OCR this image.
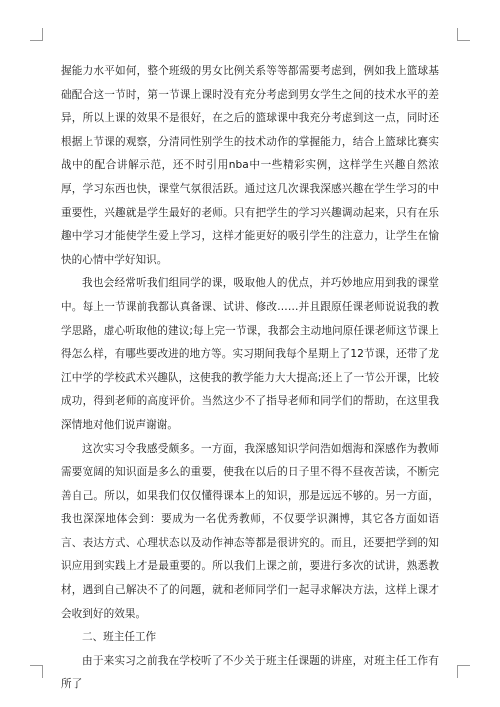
握能力水平如何，整个班级的男女比例关系等等都需要考虑到，例如我上篮球基础配合这一节时，第一节课上课时没有充分考虑到男女学生之间的技术水平的差异，所以上课的效果不是很好，在之后的篮球课中我充分考虑到这一点，同时还根据上节课的观察，分清同性别学生的技术动作的掌握能力，结合上篮球比赛实战中的配合讲解示范，还不时引用nba中一些精彩实例，这样学生兴趣自然浓厚，学习东西也快，课堂气氛很活跃。通过这几次课我深感兴趣在学生学习的中重要性，兴趣就是学生最好的老师。只有把学生的学习兴趣调动起来，只有在乐趣中学习才能使学生爱上学习，这样才能更好的吸引学生的注意力，让学生在愉快的心情中学好知识。

我也会经常听我们组同学的课，吸取他人的优点，并巧妙地应用到我的课堂中。每上一节课前我都认真备课、试讲、修改……并且跟原任课老师说说我的教学思路，虚心听取他的建议;每上完一节课，我都会主动地问原任课老师这节课上得怎么样，有哪些要改进的地方等。实习期间我每个星期上了12节课，还带了龙江中学的学校武术兴趣队，这使我的教学能力大大提高;还上了一节公开课，比较成功，得到老师的高度评价。当然这少不了指导老师和同学们的帮助，在这里我深情地对他们说声谢谢。

这次实习令我感受颇多。一方面，我深感知识学问浩如烟海和深感作为教师需要宽阔的知识面是多么的重要，使我在以后的日子里不得不昼夜苦读，不断完善自己。所以，如果我们仅仅懂得课本上的知识，那是远远不够的。另一方面，我也深深地体会到：要成为一名优秀教师，不仅要学识渊博，其它各方面如语言、表达方式、心理状态以及动作神态等都是很讲究的。而且，还要把学到的知识应用到实践上才是最重要的。所以我们上课之前，要进行多次的试讲，熟悉教材，遇到自己解决不了的问题，就和老师同学们一起寻求解决方法，这样上课才会收到好的效果。

二、班主任工作

由于来实习之前我在学校听了不少关于班主任课题的讲座，对班主任工作有所了
